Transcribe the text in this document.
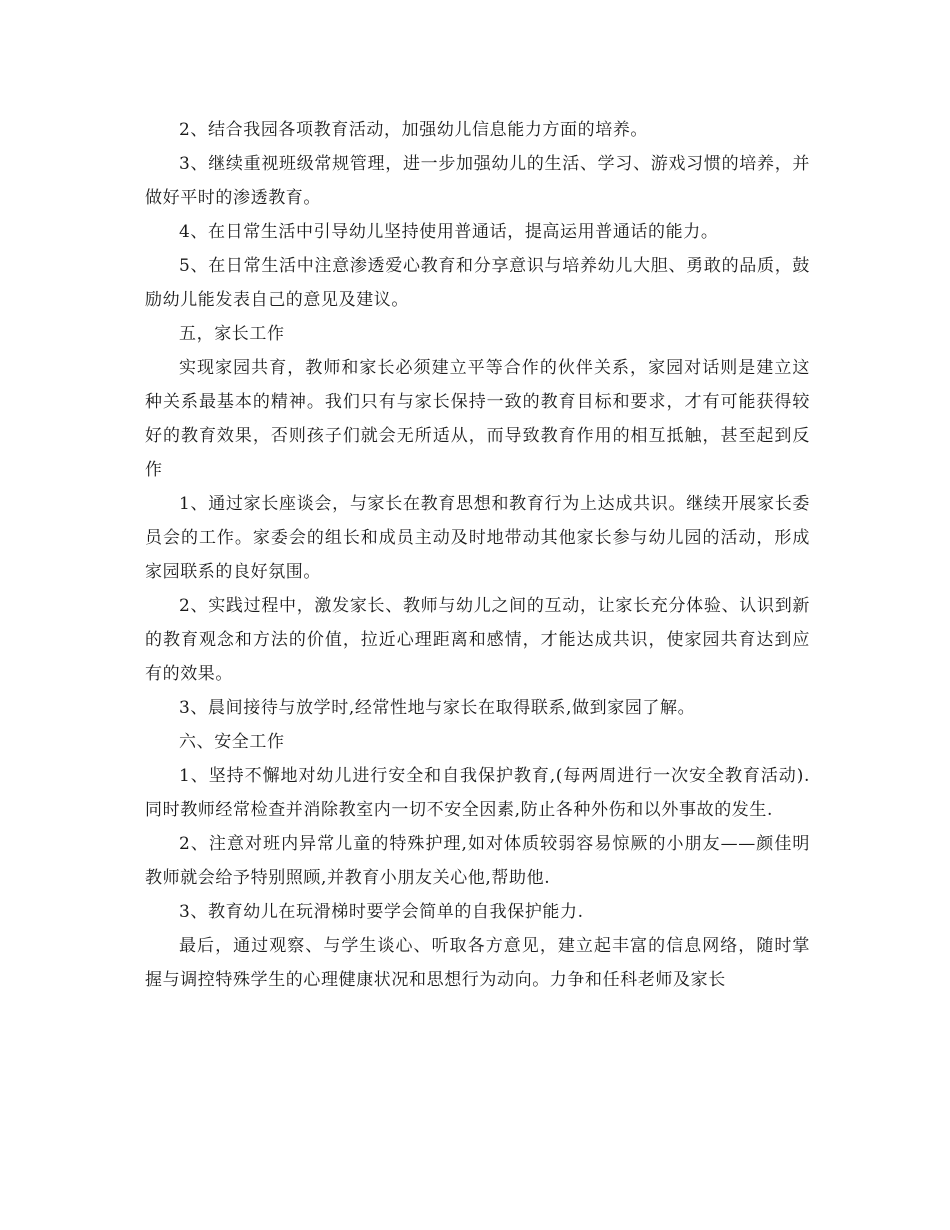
2、结合我园各项教育活动，加强幼儿信息能力方面的培养。

3、继续重视班级常规管理，进一步加强幼儿的生活、学习、游戏习惯的培养，并做好平时的渗透教育。

4、在日常生活中引导幼儿坚持使用普通话，提高运用普通话的能力。

5、在日常生活中注意渗透爱心教育和分享意识与培养幼儿大胆、勇敢的品质，鼓励幼儿能发表自己的意见及建议。

五，家长工作

实现家园共育，教师和家长必须建立平等合作的伙伴关系，家园对话则是建立这种关系最基本的精神。我们只有与家长保持一致的教育目标和要求，才有可能获得较好的教育效果，否则孩子们就会无所适从，而导致教育作用的相互抵触，甚至起到反作

1、通过家长座谈会，与家长在教育思想和教育行为上达成共识。继续开展家长委员会的工作。家委会的组长和成员主动及时地带动其他家长参与幼儿园的活动，形成家园联系的良好氛围。

2、实践过程中，激发家长、教师与幼儿之间的互动，让家长充分体验、认识到新的教育观念和方法的价值，拉近心理距离和感情，才能达成共识，使家园共育达到应有的效果。

3、晨间接待与放学时,经常性地与家长在取得联系,做到家园了解。

六、安全工作

1、坚持不懈地对幼儿进行安全和自我保护教育,(每两周进行一次安全教育活动).同时教师经常检查并消除教室内一切不安全因素,防止各种外伤和以外事故的发生.

2、注意对班内异常儿童的特殊护理,如对体质较弱容易惊厥的小朋友——颜佳明教师就会给予特别照顾,并教育小朋友关心他,帮助他.

3、教育幼儿在玩滑梯时要学会简单的自我保护能力.

最后，通过观察、与学生谈心、听取各方意见，建立起丰富的信息网络，随时掌握与调控特殊学生的心理健康状况和思想行为动向。力争和任科老师及家长
